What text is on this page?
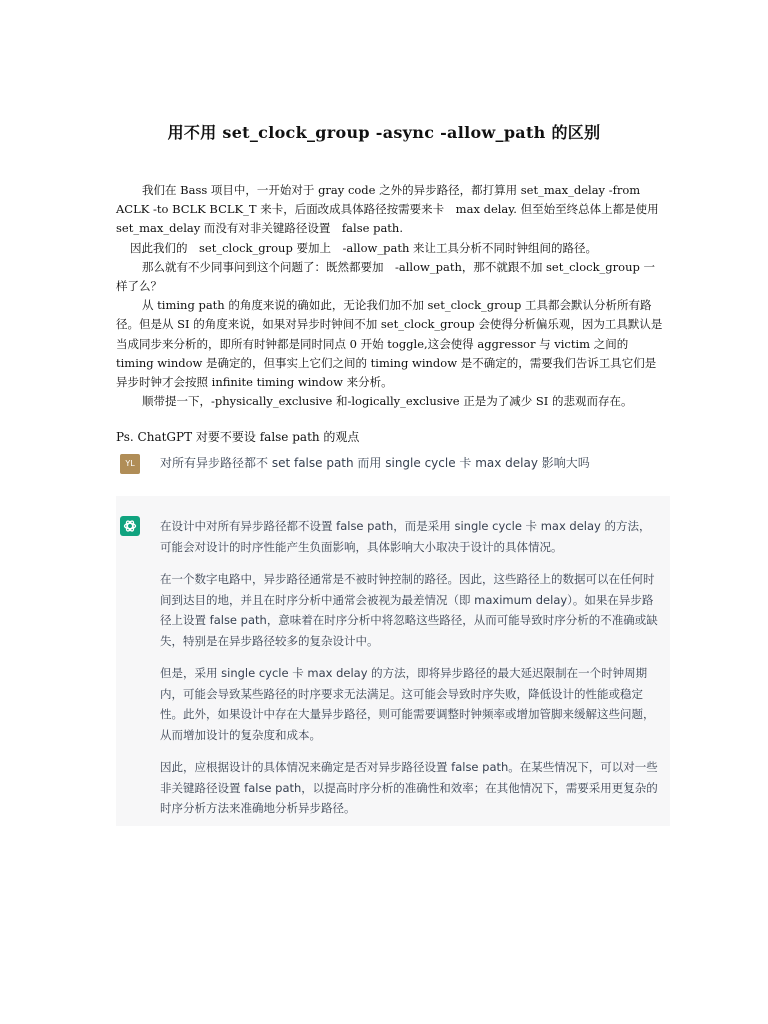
用不用 set_clock_group -async -allow_path 的区别

我们在 Bass 项目中，一开始对于 gray code 之外的异步路径，都打算用 set_max_delay -from ACLK -to BCLK BCLK_T 来卡，后面改成具体路径按需要来卡　max delay. 但至始至终总体上都是使用　set_max_delay 而没有对非关键路径设置　false path.

因此我们的　set_clock_group 要加上　-allow_path 来让工具分析不同时钟组间的路径。

那么就有不少同事问到这个问题了：既然都要加　-allow_path，那不就跟不加 set_clock_group 一样了么？

从 timing path 的角度来说的确如此，无论我们加不加 set_clock_group 工具都会默认分析所有路径。但是从 SI 的角度来说，如果对异步时钟间不加 set_clock_group 会使得分析偏乐观，因为工具默认是当成同步来分析的，即所有时钟都是同时同点 0 开始 toggle,这会使得 aggressor 与 victim 之间的 timing window 是确定的，但事实上它们之间的 timing window 是不确定的，需要我们告诉工具它们是异步时钟才会按照 infinite timing window 来分析。

顺带提一下，-physically_exclusive 和-logically_exclusive 正是为了减少 SI 的悲观而存在。

Ps. ChatGPT 对要不要设 false path 的观点
YL	对所有异步路径都不 set false path 而用 single cycle 卡 max delay 影响大吗

在设计中对所有异步路径都不设置 false path，而是采用 single cycle 卡 max delay 的方法，可能会对设计的时序性能产生负面影响，具体影响大小取决于设计的具体情况。

在一个数字电路中，异步路径通常是不被时钟控制的路径。因此，这些路径上的数据可以在任何时间到达目的地，并且在时序分析中通常会被视为最差情况（即 maximum delay）。如果在异步路径上设置 false path，意味着在时序分析中将忽略这些路径，从而可能导致时序分析的不准确或缺失，特别是在异步路径较多的复杂设计中。

但是，采用 single cycle 卡 max delay 的方法，即将异步路径的最大延迟限制在一个时钟周期内，可能会导致某些路径的时序要求无法满足。这可能会导致时序失败，降低设计的性能或稳定性。此外，如果设计中存在大量异步路径，则可能需要调整时钟频率或增加管脚来缓解这些问题，从而增加设计的复杂度和成本。

因此，应根据设计的具体情况来确定是否对异步路径设置 false path。在某些情况下，可以对一些非关键路径设置 false path，以提高时序分析的准确性和效率；在其他情况下，需要采用更复杂的时序分析方法来准确地分析异步路径。
